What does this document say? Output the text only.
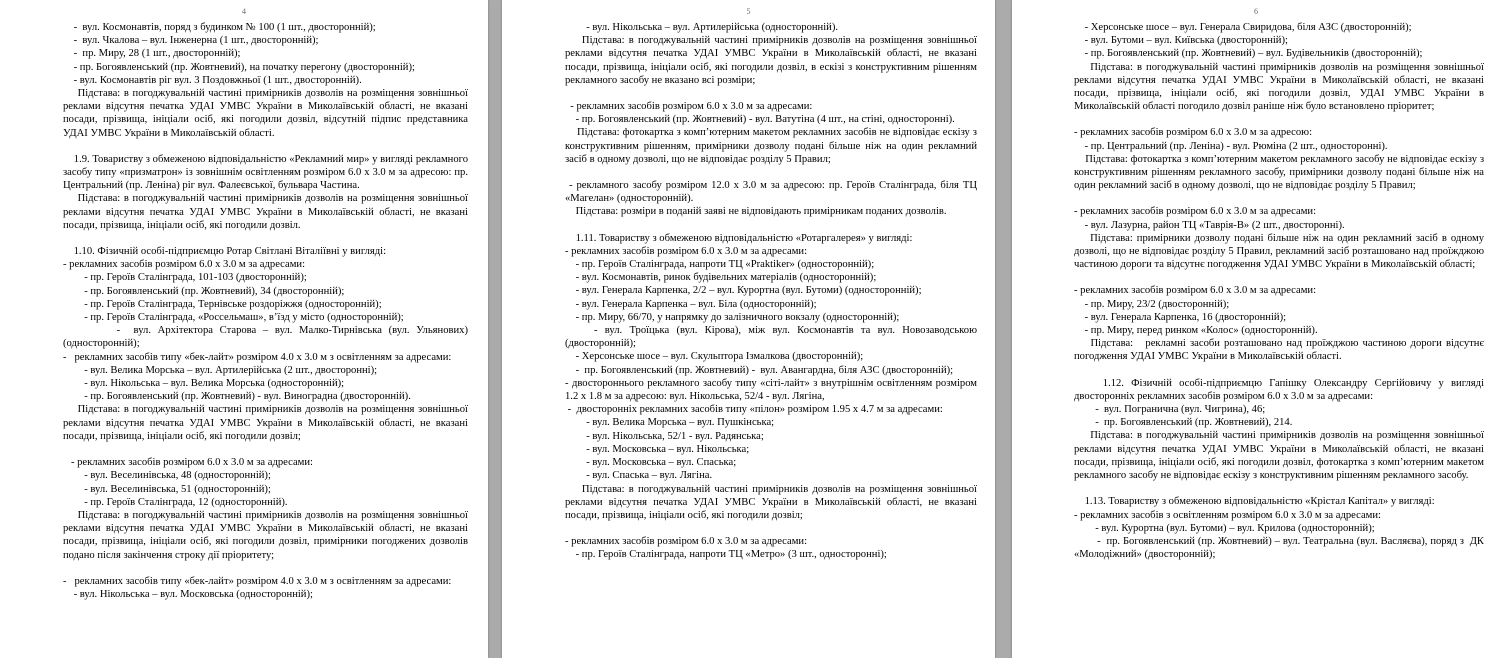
4

-  вул. Космонавтів, поряд з будинком № 100 (1 шт., двосторонній);

-  вул. Чкалова – вул. Інженерна (1 шт., двосторонній);

-  пр. Миру, 28 (1 шт., двосторонній);

- пр. Богоявленський (пр. Жовтневий), на початку перегону (двосторонній);

- вул. Космонавтів ріг вул. 3 Поздовжньої (1 шт., двосторонній).

Підстава: в погоджувальній частині примірників дозволів на розміщення зовнішньої реклами відсутня печатка УДАІ УМВС України в Миколаївській області, не вказані посади, прізвища, ініціали осіб, які погодили дозвіл, відсутній підпис представника УДАІ УМВС України в Миколаївській області.

1.9. Товариству з обмеженою відповідальністю «Рекламний мир» у вигляді рекламного засобу типу «призматрон» із зовнішнім освітленням розміром 6.0 х 3.0 м за адресою: пр. Центральний (пр. Леніна) ріг вул. Фалеєвської, бульвара Частина.

Підстава: в погоджувальній частині примірників дозволів на розміщення зовнішньої реклами відсутня печатка УДАІ УМВС України в Миколаївській області, не вказані посади, прізвища, ініціали осіб, які погодили дозвіл.

1.10. Фізичній особі-підприємцю Ротар Світлані Віталіївні у вигляді:

- рекламних засобів розміром 6.0 х 3.0 м за адресами:

- пр. Героїв Сталінграда, 101-103 (двосторонній);

- пр. Богоявленський (пр. Жовтневий), 34 (двосторонній);

- пр. Героїв Сталінграда, Тернівське роздоріжжя (односторонній);

- пр. Героїв Сталінграда, «Россельмаш», в’їзд у місто (односторонній);

-  вул. Архітектора Старова – вул. Малко-Тирнівська (вул. Ульянових) (односторонній);

-   рекламних засобів типу «бек-лайт» розміром 4.0 х 3.0 м з освітленням за адресами:

- вул. Велика Морська – вул. Артилерійська (2 шт., двосторонні);

- вул. Нікольська – вул. Велика Морська (односторонній);

- пр. Богоявленський (пр. Жовтневий) - вул. Виноградна (двосторонній).

Підстава: в погоджувальній частині примірників дозволів на розміщення зовнішньої реклами відсутня печатка УДАІ УМВС України в Миколаївській області, не вказані посади, прізвища, ініціали осіб, які погодили дозвіл;

- рекламних засобів розміром 6.0 х 3.0 м за адресами:

- вул. Веселинівська, 48 (односторонній);

- вул. Веселинівська, 51 (односторонній);

- пр. Героїв Сталінграда, 12 (односторонній).

Підстава: в погоджувальній частині примірників дозволів на розміщення зовнішньої реклами відсутня печатка УДАІ УМВС України в Миколаївській області, не вказані посади, прізвища, ініціали осіб, які погодили дозвіл, примірники погоджених дозволів подано після закінчення строку дії пріоритету;

-   рекламних засобів типу «бек-лайт» розміром 4.0 х 3.0 м з освітленням за адресами:

- вул. Нікольська – вул. Московська (односторонній);

5

- вул. Нікольська – вул. Артилерійська (односторонній).

Підстава: в погоджувальній частині примірників дозволів на розміщення зовнішньої реклами відсутня печатка УДАІ УМВС України в Миколаївській області, не вказані посади, прізвища, ініціали осіб, які погодили дозвіл, в ескізі з конструктивним рішенням рекламного засобу не вказано всі розміри;

- рекламних засобів розміром 6.0 х 3.0 м за адресами:

- пр. Богоявленський (пр. Жовтневий) - вул. Ватутіна (4 шт., на стіні, односторонні).

Підстава: фотокартка з комп’ютерним макетом рекламних засобів не відповідає ескізу з конструктивним рішенням, примірники дозволу подані більше ніж на один рекламний засіб в одному дозволі, що не відповідає розділу 5 Правил;

- рекламного засобу розміром 12.0 х 3.0 м за адресою: пр. Героїв Сталінграда, біля ТЦ «Магелан» (односторонній).

Підстава: розміри в поданій заяві не відповідають примірникам поданих дозволів.

1.11. Товариству з обмеженою відповідальністю «Ротаргалерея» у вигляді:

- рекламних засобів розміром 6.0 х 3.0 м за адресами:

- пр. Героїв Сталінграда, напроти ТЦ «Praktiker» (односторонній);

- вул. Космонавтів, ринок будівельних матеріалів (односторонній);

- вул. Генерала Карпенка, 2/2 – вул. Курортна (вул. Бутоми) (односторонній);

- вул. Генерала Карпенка – вул. Біла (односторонній);

- пр. Миру, 66/70, у напрямку до залізничного вокзалу (односторонній);

- вул. Троїцька (вул. Кірова), між вул. Космонавтів та вул. Новозаводською (двосторонній);

- Херсонське шосе – вул. Скульптора Ізмалкова (двосторонній);

-  пр. Богоявленський (пр. Жовтневий) -  вул. Авангардна, біля АЗС (двосторонній);

- двостороннього рекламного засобу типу «сіті-лайт» з внутрішнім освітленням розміром 1.2 х 1.8 м за адресою: вул. Нікольська, 52/4 - вул. Лягіна,

-  двосторонніх рекламних засобів типу «пілон» розміром 1.95 х 4.7 м за адресами:

- вул. Велика Морська – вул. Пушкінська;

- вул. Нікольська, 52/1 - вул. Радянська;

- вул. Московська – вул. Нікольська;

- вул. Московська – вул. Спаська;

- вул. Спаська – вул. Лягіна.

Підстава: в погоджувальній частині примірників дозволів на розміщення зовнішньої реклами відсутня печатка УДАІ УМВС України в Миколаївській області, не вказані посади, прізвища, ініціали осіб, які погодили дозвіл;

- рекламних засобів розміром 6.0 х 3.0 м за адресами:

- пр. Героїв Сталінграда, напроти ТЦ «Метро» (3 шт., односторонні);

6

- Херсонське шосе – вул. Генерала Свиридова, біля АЗС (двосторонній);

- вул. Бутоми – вул. Київська (двосторонній);

- пр. Богоявленський (пр. Жовтневий) – вул. Будівельників (двосторонній);

Підстава: в погоджувальній частині примірників дозволів на розміщення зовнішньої реклами відсутня печатка УДАІ УМВС України в Миколаївській області, не вказані посади, прізвища, ініціали осіб, які погодили дозвіл, УДАІ УМВС України в Миколаївській області погодило дозвіл раніше ніж було встановлено пріоритет;

- рекламних засобів розміром 6.0 х 3.0 м за адресою:

- пр. Центральний (пр. Леніна) - вул. Рюміна (2 шт., односторонні).

Підстава: фотокартка з комп’ютерним макетом рекламного засобу не відповідає ескізу з конструктивним рішенням рекламного засобу, примірники дозволу подані більше ніж на один рекламний засіб в одному дозволі, що не відповідає розділу 5 Правил;

- рекламних засобів розміром 6.0 х 3.0 м за адресами:

- вул. Лазурна, район ТЦ «Таврія-В» (2 шт., двосторонні).

Підстава: примірники дозволу подані більше ніж на один рекламний засіб в одному дозволі, що не відповідає розділу 5 Правил, рекламний засіб розташовано над проїжджою частиною дороги та відсутнє погодження УДАІ УМВС України в Миколаївській області;

- рекламних засобів розміром 6.0 х 3.0 м за адресами:

- пр. Миру, 23/2 (двосторонній);

- вул. Генерала Карпенка, 16 (двосторонній);

- пр. Миру, перед ринком «Колос» (односторонній).

Підстава:   рекламні засоби розташовано над проїжджою частиною дороги відсутнє погодження УДАІ УМВС України в Миколаївській області.

1.12. Фізичній особі-підприємцю Гапішку Олександру Сергійовичу у вигляді двосторонніх рекламних засобів розміром 6.0 х 3.0 м за адресами:

-  вул. Погранична (вул. Чигрина), 46;

-  пр. Богоявленський (пр. Жовтневий), 214.

Підстава: в погоджувальній частині примірників дозволів на розміщення зовнішньої реклами відсутня печатка УДАІ УМВС України в Миколаївській області, не вказані посади, прізвища, ініціали осіб, які погодили дозвіл, фотокартка з комп’ютерним макетом рекламного засобу не відповідає ескізу з конструктивним рішенням рекламного засобу.

1.13. Товариству з обмеженою відповідальністю «Крістал Капітал» у вигляді:

- рекламних засобів з освітленням розміром 6.0 х 3.0 м за адресами:

- вул. Курортна (вул. Бутоми) – вул. Крилова (односторонній);

-  пр. Богоявленський (пр. Жовтневий) – вул. Театральна (вул. Васляєва), поряд з  ДК «Молодіжний» (двосторонній);
